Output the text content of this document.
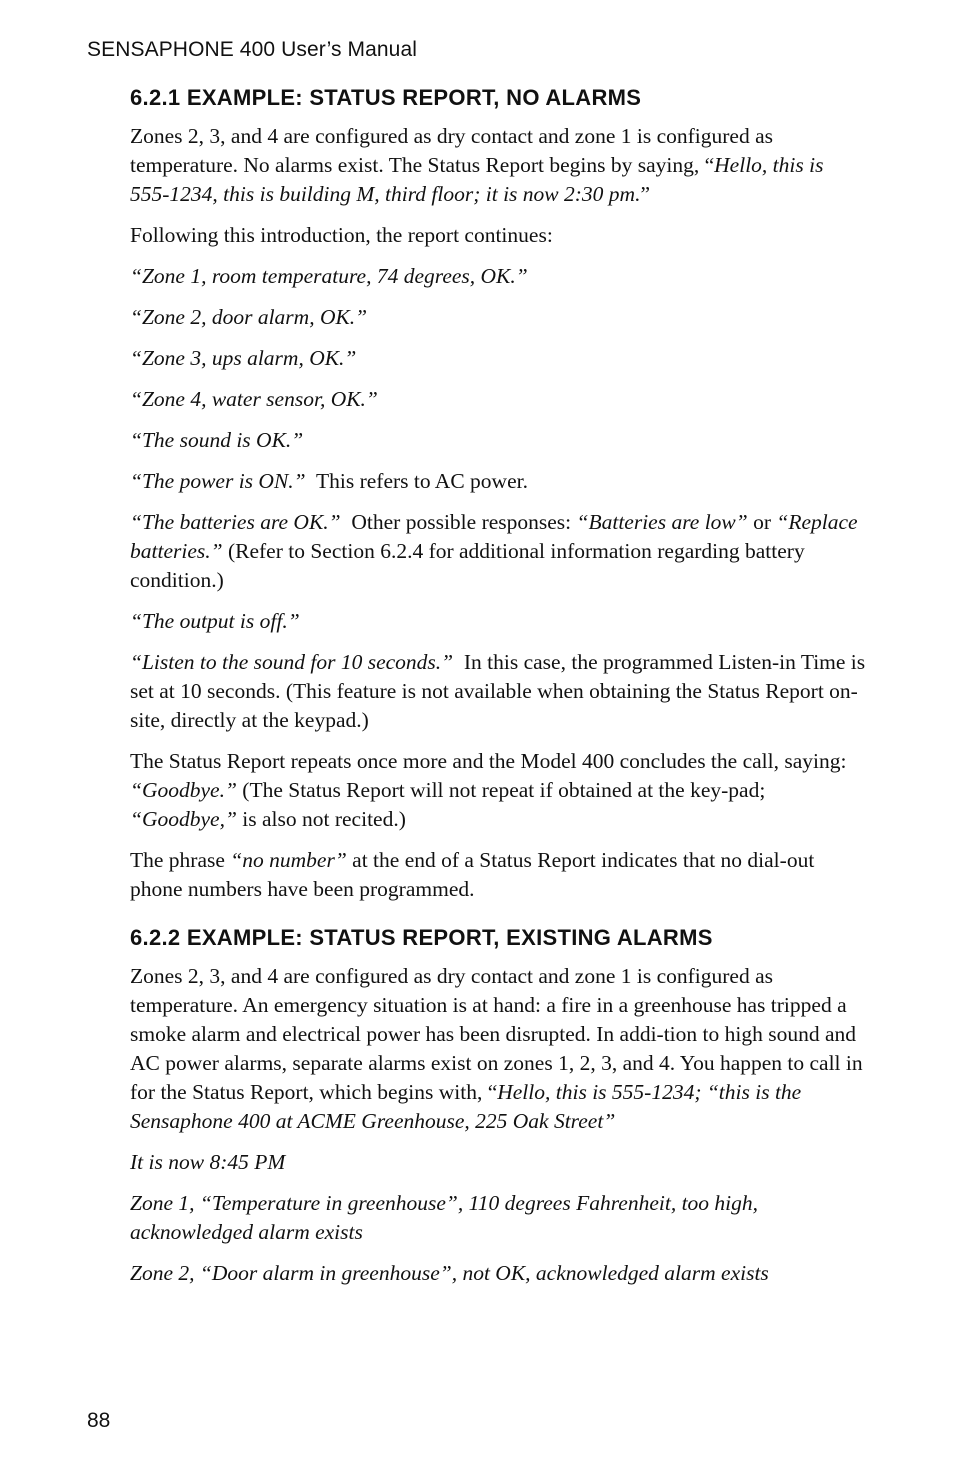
SENSAPHONE 400 User’s Manual
6.2.1 EXAMPLE: STATUS REPORT, NO ALARMS

Zones 2, 3, and 4 are configured as dry contact and zone 1 is configured as temperature. No alarms exist. The Status Report begins by saying, “Hello, this is 555-1234, this is building M, third floor; it is now 2:30 pm.”

Following this introduction, the report continues:

“Zone 1, room temperature, 74 degrees, OK.”

“Zone 2, door alarm, OK.”

“Zone 3, ups alarm, OK.”

“Zone 4, water sensor, OK.”

“The sound is OK.”

“The power is ON.”  This refers to AC power.

“The batteries are OK.”  Other possible responses: “Batteries are low” or “Replace batteries.” (Refer to Section 6.2.4 for additional information regarding battery condition.)

“The output is off.”

“Listen to the sound for 10 seconds.”  In this case, the programmed Listen-in Time is set at 10 seconds. (This feature is not available when obtaining the Status Report on-site, directly at the keypad.)

The Status Report repeats once more and the Model 400 concludes the call, saying: “Goodbye.” (The Status Report will not repeat if obtained at the key-pad; “Goodbye,” is also not recited.)

The phrase “no number” at the end of a Status Report indicates that no dial-out phone numbers have been programmed.

6.2.2 EXAMPLE: STATUS REPORT, EXISTING ALARMS

Zones 2, 3, and 4 are configured as dry contact and zone 1 is configured as temperature. An emergency situation is at hand: a fire in a greenhouse has tripped a smoke alarm and electrical power has been disrupted. In addi-tion to high sound and AC power alarms, separate alarms exist on zones 1, 2, 3, and 4. You happen to call in for the Status Report, which begins with, “Hello, this is 555-1234; “this is the Sensaphone 400 at ACME Greenhouse, 225 Oak Street”

It is now 8:45 PM

Zone 1, “Temperature in greenhouse”, 110 degrees Fahrenheit, too high, acknowledged alarm exists

Zone 2, “Door alarm in greenhouse”, not OK, acknowledged alarm exists

88
